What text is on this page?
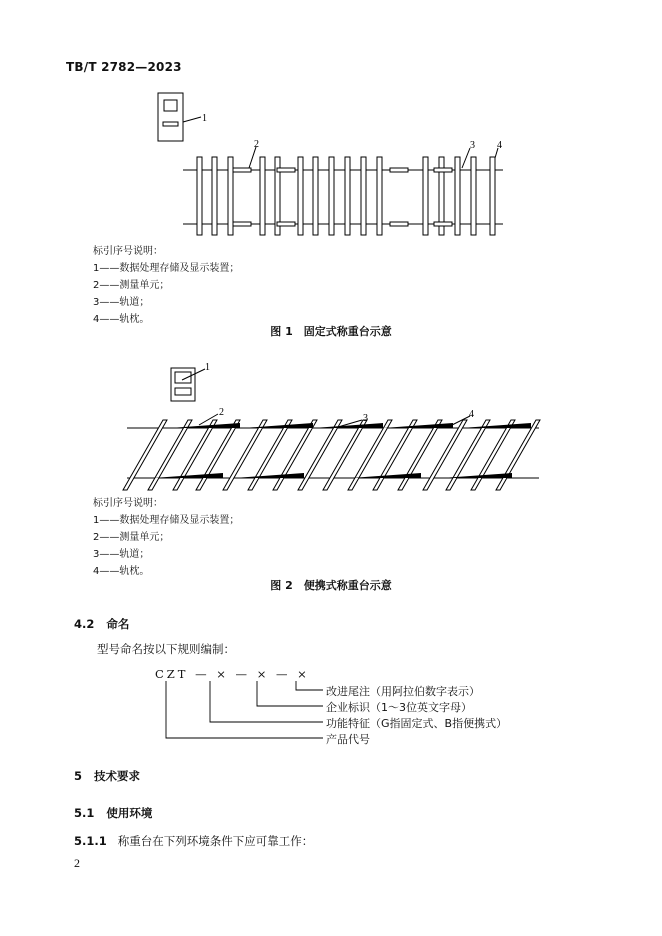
TB/T 2782—2023
1
2	3 4
标引序号说明：
1——数据处理存储及显示装置；
2——测量单元；
3——轨道；
4——轨枕。
图 1　固定式称重台示意
1
2
3	4
标引序号说明：
1——数据处理存储及显示装置；
2——测量单元；
3——轨道；
4——轨枕。
图 2　便携式称重台示意
4.2 命名
型号命名按以下规则编制：
CZT — × — × — ×
改进尾注（用阿拉伯数字表示）
企业标识（1～3位英文字母）
功能特征（G指固定式、B指便携式）
产品代号
5 技术要求
5.1 使用环境
5.1.1 称重台在下列环境条件下应可靠工作：
2
